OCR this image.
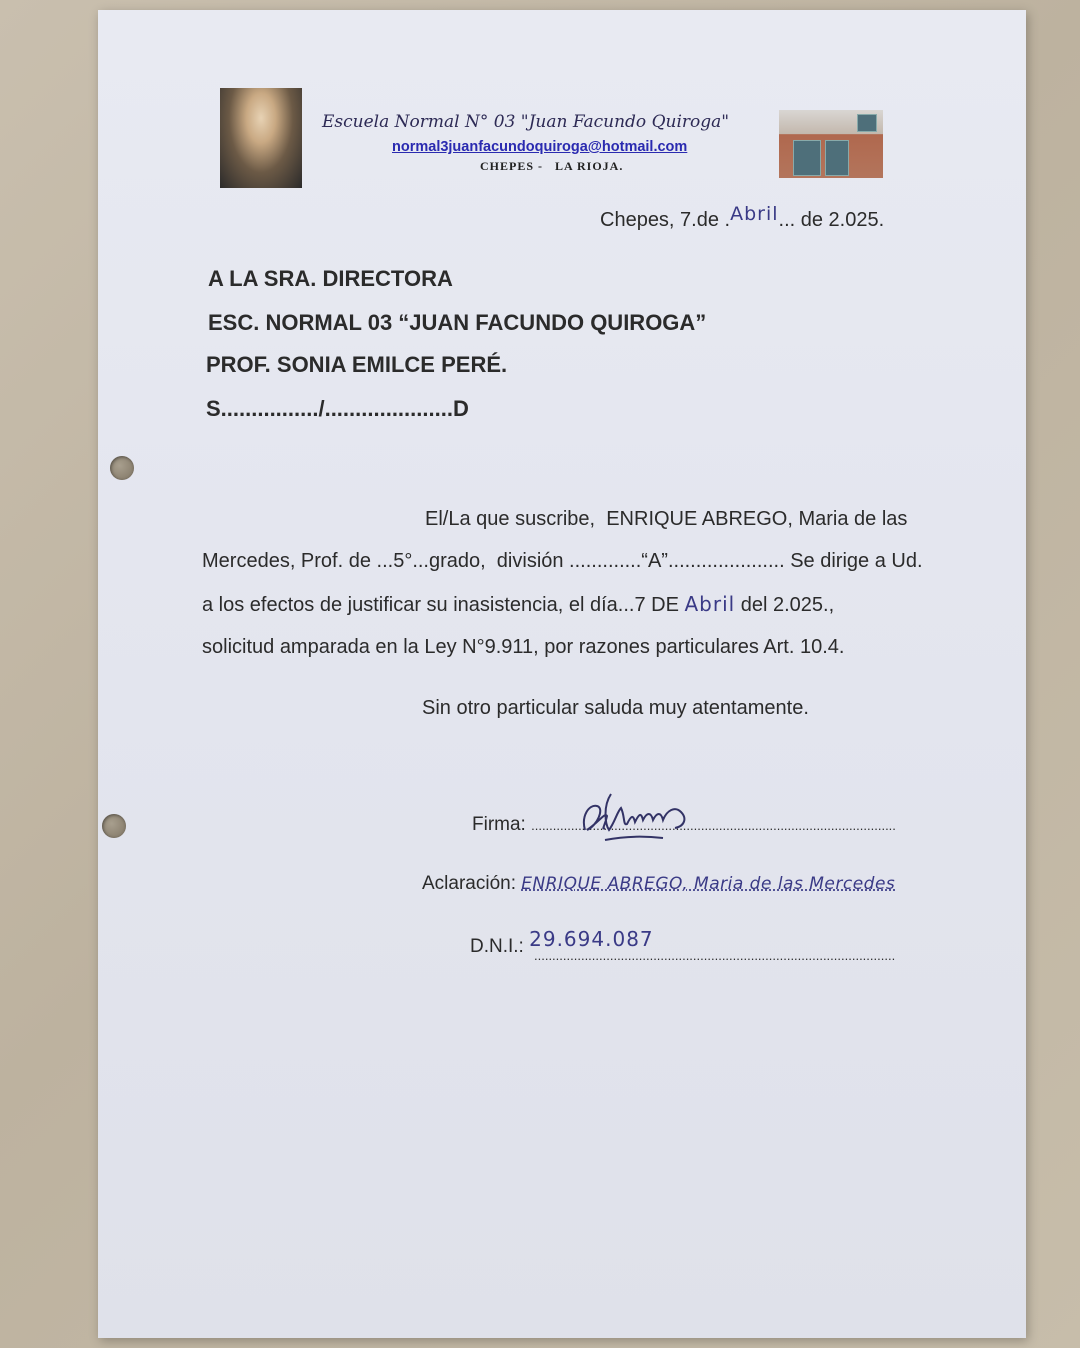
Escuela Normal N° 03 "Juan Facundo Quiroga"
normal3juanfacundoquiroga@hotmail.com
CHEPES -   LA RIOJA.
Chepes, 7.de .Abril... de 2.025.
A LA SRA. DIRECTORA
ESC. NORMAL 03 “JUAN FACUNDO QUIROGA”
PROF. SONIA EMILCE PERÉ.
S................/.....................D
El/La que suscribe,  ENRIQUE ABREGO, Maria de las
Mercedes, Prof. de ...5°...grado,  división .............“A”..................... Se dirige a Ud.
a los efectos de justificar su inasistencia, el día...7 DE Abril del 2.025.,
solicitud amparada en la Ley N°9.911, por razones particulares Art. 10.4.
Sin otro particular saluda muy atentamente.
Firma: .....................................................................................................
Aclaración: ENRIQUE ABREGO, Maria de las Mercedes
D.N.I.: 29.694.087
....................................................................................................
